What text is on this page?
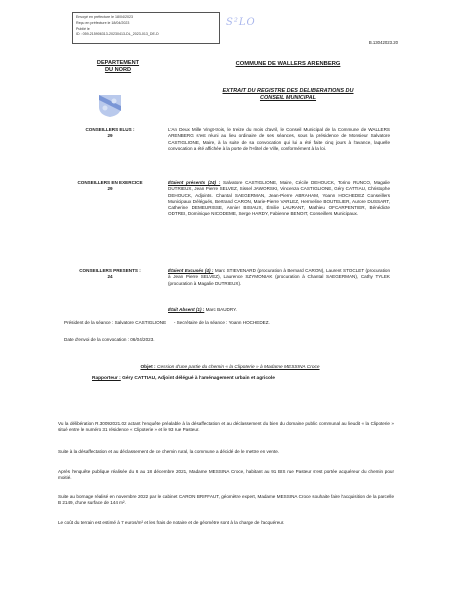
Envoyé en préfecture le 18/04/2023
Reçu en préfecture le 18/04/2023
Publié le
ID : 059-215906313-20230413-DL_2023-013_DE-D
S²LO
B.13042023.20
DEPARTEMENT
DU NORD
COMMUNE DE WALLERS ARENBERG
EXTRAIT DU REGISTRE DES DELIBERATIONS DU
CONSEIL MUNICIPAL
CONSEILLERS ELUS :
29
L'An Deux Mille Vingt-trois, le treize du mois d'avril, le Conseil Municipal de la Commune de WALLERS ARENBERG s'est réuni au lieu ordinaire de ses séances, sous la présidence de Monsieur Salvatore CASTIGLIONE, Maire, à la suite de sa convocation qui lui a été faite cinq jours à l'avance, laquelle convocation a été affichée à la porte de l'Hôtel de Ville, conformément à la loi.
CONSEILLERS EN EXERCICE
29
Étaient présents (24) : Salvatore CASTIGLIONE, Maire, Cécile DEHOUCK, Torino RUNCO, Magalie DUTRIEUX, Jean Pierre SELVEZ, Sissel JAWORSKI, Vincenza CASTIGLIONE, Géry CATTIAU, Christophe DEHOUCK, Adjoints. Chantal SAEGERMAN, Jean-Pierre ABRAHAM, Yoann HOCHEDEZ Conseillers Municipaux Délégués, Bertrand CARON, Marie-Pierre VARLEZ, Hermeline BOUTELIER, Aurore DUSSART, Catherine DEMEURISSE, Annie! BISIAUX, Émilie LAURANT, Mathieu OFCARPENTIER, Bénédicte ODTREI, Dominique NICODEME, Serge HARDY, Fabienne BENOIT, Conseillers Municipaux.
CONSEILLERS PRESENTS :
24
Étaient Excusés (4) : Marc STIEVENARD (procuration à Bernard CARON), Laurent STOCLET (procuration à Jean Pierre SELVEZ), Laurence SZYMONIAK (procuration à Chantal SAEGERMAN), Cathy TYLEK (procuration à Magalie DUTRIEUX).
Était Absent (1) : Marc BAUDRY.
Président de la séance : Salvatore CASTIGLIONE - Secrétaire de la séance : Yoann HOCHEDEZ.
Date d'envoi de la convocation : 06/04/2023.
Objet : Cession d'une partie du chemin « la Clipoterie » à Madame MESSINA Croce
Rapporteur : Géry CATTIAU, Adjoint délégué à l'aménagement urbain et agricole
Vu la délibération R.30092021.02 actant l'enquête préalable à la désaffectation et au déclassement du bien du domaine public communal au lieudit « la Clipoterie » situé entre le numéro 31 résidence « Clipoterie » et le 93 rue Pasteur.
Suite à la désaffectation et au déclassement de ce chemin rural, la commune a décidé de le mettre en vente.
Après l'enquête publique réalisée du 6 au 18 décembre 2021, Madame MESSINA Croce, habitant au 91 BIS rue Pasteur s'est portée acquéreur du chemin pour moitié.
Suite au bornage réalisé en novembre 2022 par le cabinet CARON BRIFFAUT, géomètre expert, Madame MESSINA Croce souhaite faire l'acquisition de la parcelle B 2149, d'une surface de 144 m².
Le coût du terrain est estimé à 7 euros/m² et les frais de notaire et de géomètre sont à la charge de l'acquéreur.
